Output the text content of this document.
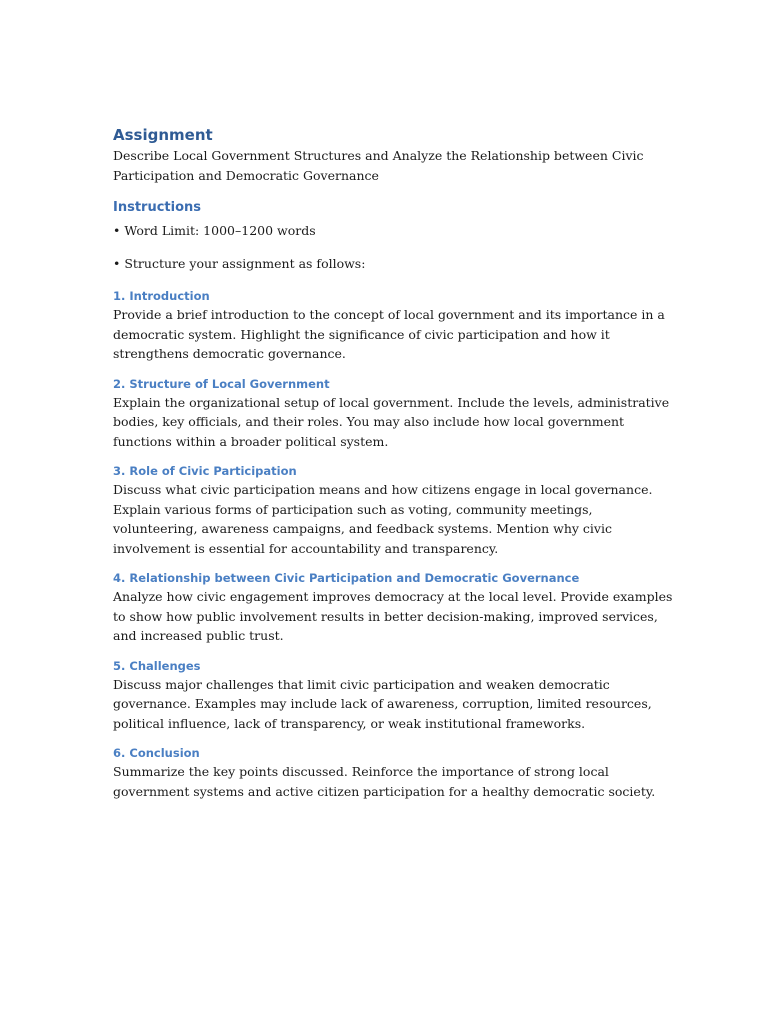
Assignment

Describe Local Government Structures and Analyze the Relationship between Civic Participation and Democratic Governance

Instructions

• Word Limit: 1000–1200 words

• Structure your assignment as follows:

1. Introduction

Provide a brief introduction to the concept of local government and its importance in a democratic system. Highlight the significance of civic participation and how it strengthens democratic governance.

2. Structure of Local Government

Explain the organizational setup of local government. Include the levels, administrative bodies, key officials, and their roles. You may also include how local government functions within a broader political system.

3. Role of Civic Participation

Discuss what civic participation means and how citizens engage in local governance. Explain various forms of participation such as voting, community meetings, volunteering, awareness campaigns, and feedback systems. Mention why civic involvement is essential for accountability and transparency.

4. Relationship between Civic Participation and Democratic Governance

Analyze how civic engagement improves democracy at the local level. Provide examples to show how public involvement results in better decision-making, improved services, and increased public trust.

5. Challenges

Discuss major challenges that limit civic participation and weaken democratic governance. Examples may include lack of awareness, corruption, limited resources, political influence, lack of transparency, or weak institutional frameworks.

6. Conclusion

Summarize the key points discussed. Reinforce the importance of strong local government systems and active citizen participation for a healthy democratic society.
